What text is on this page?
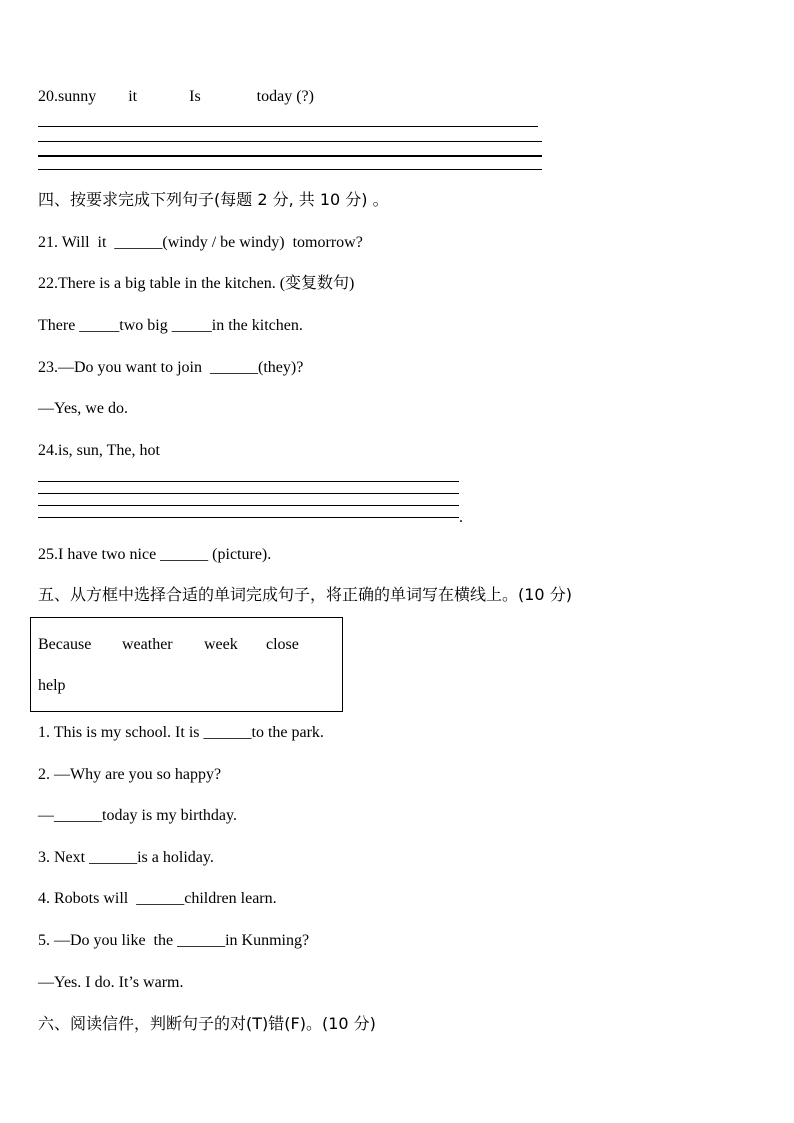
20.sunny        it             Is              today (?)
四、按要求完成下列句子(每题 2 分, 共 10 分) 。
21. Will  it  ______(windy / be windy)  tomorrow?
22.There is a big table in the kitchen. (变复数句)
There _____two big _____in the kitchen.
23.—Do you want to join  ______(they)?
—Yes, we do.
24.is, sun, The, hot
.
25.I have two nice ______ (picture).
五、从方框中选择合适的单词完成句子，将正确的单词写在横线上。(10 分)
Because weather week close
help
1. This is my school. It is ______to the park.
2. —Why are you so happy?
—______today is my birthday.
3. Next ______is a holiday.
4. Robots will  ______children learn.
5. —Do you like  the ______in Kunming?
—Yes. I do. It’s warm.
六、阅读信件，判断句子的对(T)错(F)。(10 分)
